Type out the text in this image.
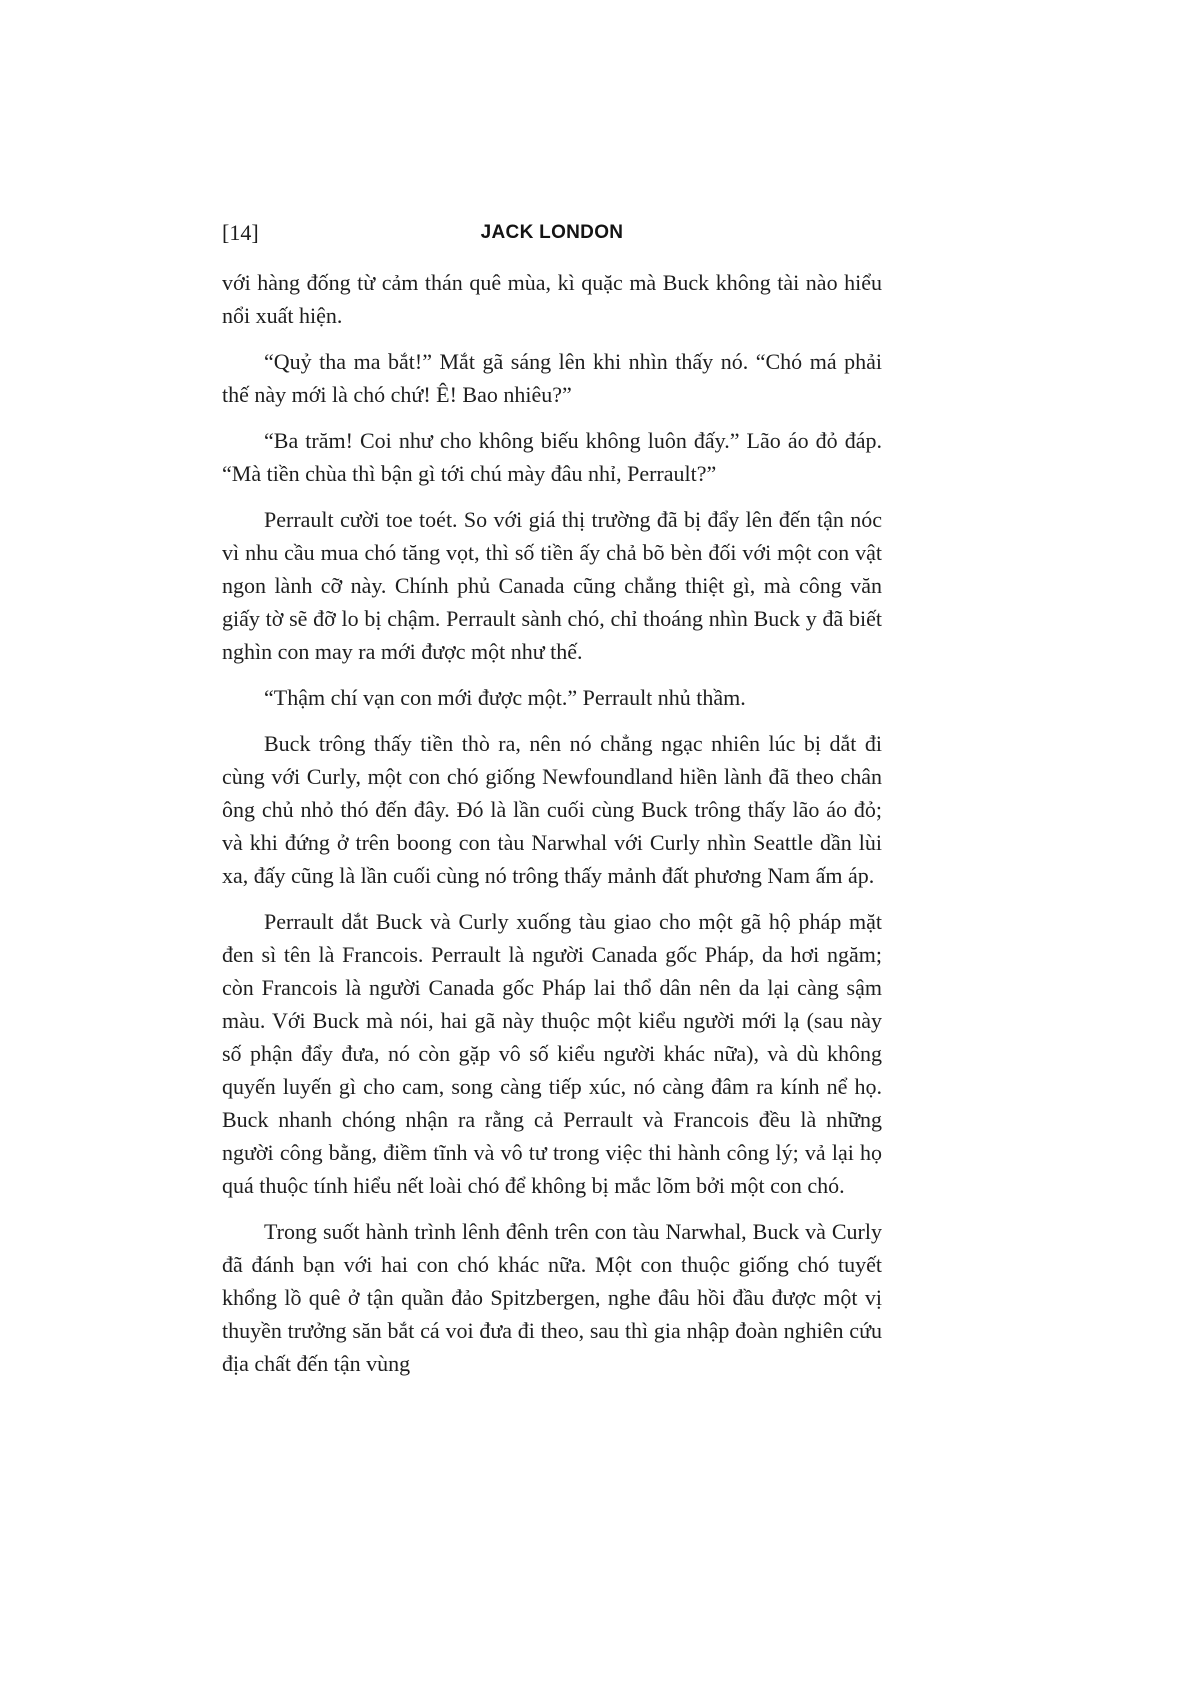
[14]	JACK LONDON

với hàng đống từ cảm thán quê mùa, kì quặc mà Buck không tài nào hiểu nổi xuất hiện.

“Quỷ tha ma bắt!” Mắt gã sáng lên khi nhìn thấy nó. “Chó má phải thế này mới là chó chứ! Ê! Bao nhiêu?”

“Ba trăm! Coi như cho không biếu không luôn đấy.” Lão áo đỏ đáp. “Mà tiền chùa thì bận gì tới chú mày đâu nhỉ, Perrault?”

Perrault cười toe toét. So với giá thị trường đã bị đẩy lên đến tận nóc vì nhu cầu mua chó tăng vọt, thì số tiền ấy chả bõ bèn đối với một con vật ngon lành cỡ này. Chính phủ Canada cũng chẳng thiệt gì, mà công văn giấy tờ sẽ đỡ lo bị chậm. Perrault sành chó, chỉ thoáng nhìn Buck y đã biết nghìn con may ra mới được một như thế.

“Thậm chí vạn con mới được một.” Perrault nhủ thầm.

Buck trông thấy tiền thò ra, nên nó chẳng ngạc nhiên lúc bị dắt đi cùng với Curly, một con chó giống Newfoundland hiền lành đã theo chân ông chủ nhỏ thó đến đây. Đó là lần cuối cùng Buck trông thấy lão áo đỏ; và khi đứng ở trên boong con tàu Narwhal với Curly nhìn Seattle dần lùi xa, đấy cũng là lần cuối cùng nó trông thấy mảnh đất phương Nam ấm áp.

Perrault dắt Buck và Curly xuống tàu giao cho một gã hộ pháp mặt đen sì tên là Francois. Perrault là người Canada gốc Pháp, da hơi ngăm; còn Francois là người Canada gốc Pháp lai thổ dân nên da lại càng sậm màu. Với Buck mà nói, hai gã này thuộc một kiểu người mới lạ (sau này số phận đẩy đưa, nó còn gặp vô số kiểu người khác nữa), và dù không quyến luyến gì cho cam, song càng tiếp xúc, nó càng đâm ra kính nể họ. Buck nhanh chóng nhận ra rằng cả Perrault và Francois đều là những người công bằng, điềm tĩnh và vô tư trong việc thi hành công lý; vả lại họ quá thuộc tính hiểu nết loài chó để không bị mắc lõm bởi một con chó.

Trong suốt hành trình lênh đênh trên con tàu Narwhal, Buck và Curly đã đánh bạn với hai con chó khác nữa. Một con thuộc giống chó tuyết khổng lồ quê ở tận quần đảo Spitzbergen, nghe đâu hồi đầu được một vị thuyền trưởng săn bắt cá voi đưa đi theo, sau thì gia nhập đoàn nghiên cứu địa chất đến tận vùng
